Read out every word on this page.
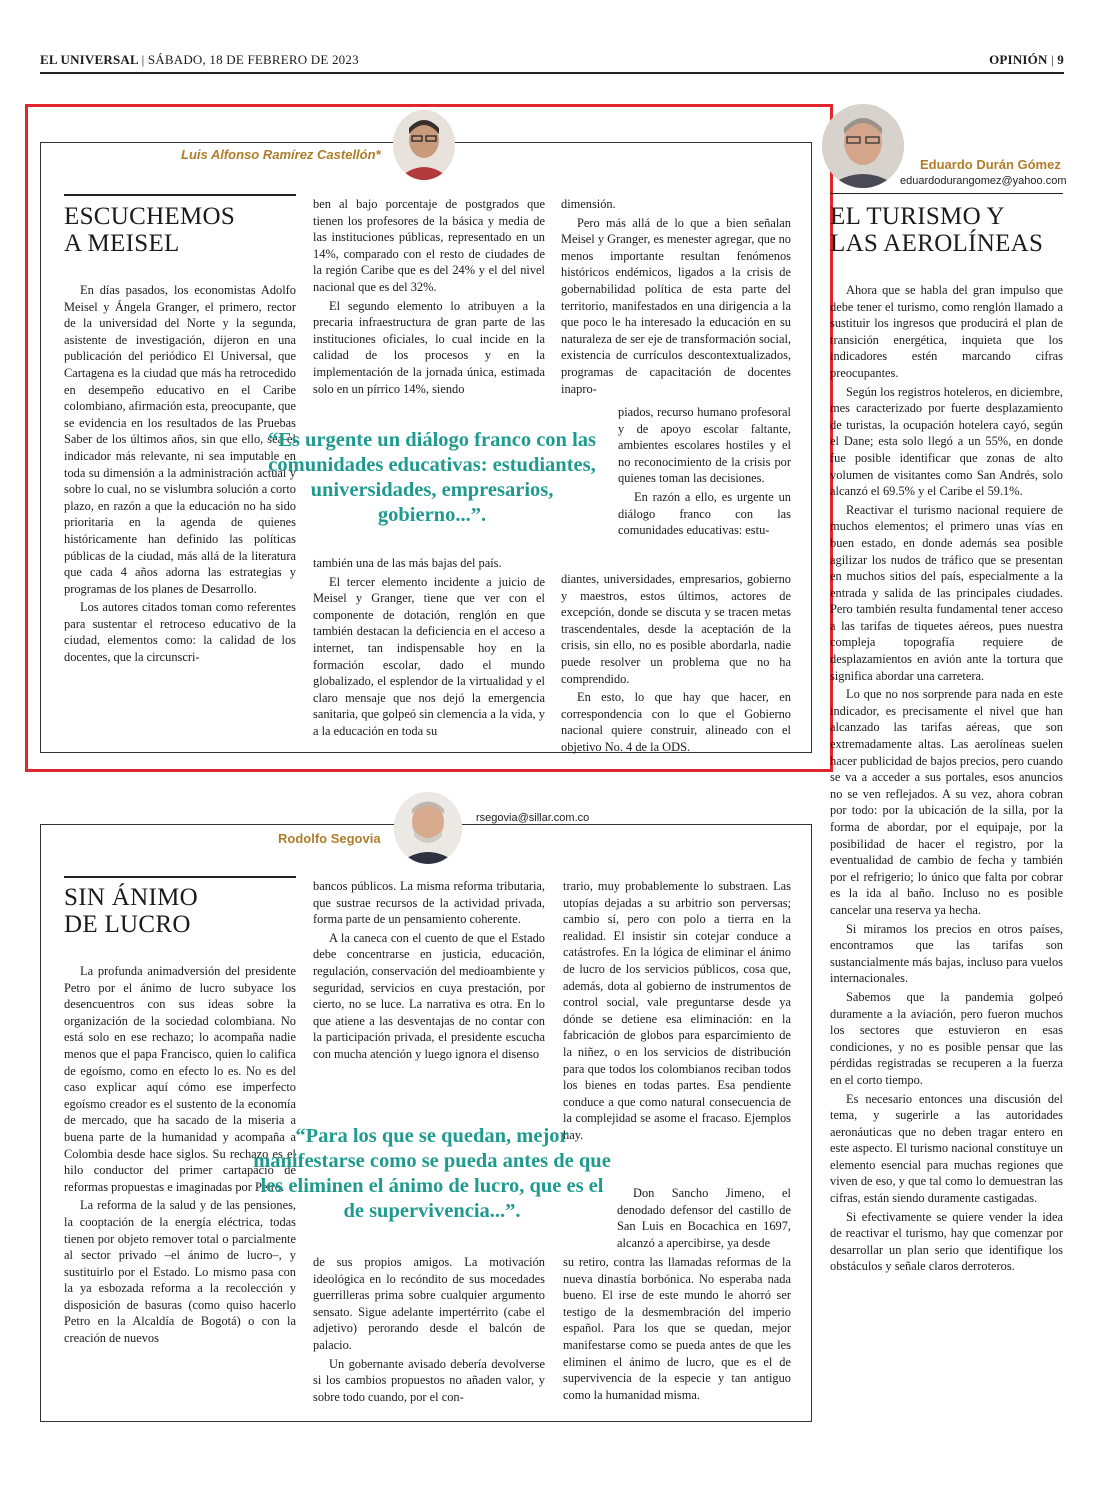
EL UNIVERSAL | SÁBADO, 18 DE FEBRERO DE 2023	OPINIÓN | 9
Luis Alfonso Ramírez Castellón*
ESCUCHEMOS
A MEISEL

En días pasados, los economistas Adolfo Meisel y Ángela Granger, el primero, rector de la universidad del Norte y la segunda, asistente de investigación, dijeron en una publicación del periódico El Universal, que Cartagena es la ciudad que más ha retrocedido en desempeño educativo en el Caribe colombiano, afirmación esta, preocupante, que se evidencia en los resultados de las Pruebas Saber de los últimos años, sin que ello, sea el indicador más relevante, ni sea imputable en toda su dimensión a la administración actual y sobre lo cual, no se vislumbra solución a corto plazo, en razón a que la educación no ha sido prioritaria en la agenda de quienes históricamente han definido las políticas públicas de la ciudad, más allá de la literatura que cada 4 años adorna las estrategias y programas de los planes de Desarrollo.

Los autores citados toman como referentes para sustentar el retroceso educativo de la ciudad, elementos como: la calidad de los docentes, que la circunscri-

ben al bajo porcentaje de postgrados que tienen los profesores de la básica y media de las instituciones públicas, representado en un 14%, comparado con el resto de ciudades de la región Caribe que es del 24% y el del nivel nacional que es del 32%.

El segundo elemento lo atribuyen a la precaria infraestructura de gran parte de las instituciones oficiales, lo cual incide en la calidad de los procesos y en la implementación de la jornada única, estimada solo en un pírrico 14%, siendo

también una de las más bajas del país.

El tercer elemento incidente a juicio de Meisel y Granger, tiene que ver con el componente de dotación, renglón en que también destacan la deficiencia en el acceso a internet, tan indispensable hoy en la formación escolar, dado el mundo globalizado, el esplendor de la virtualidad y el claro mensaje que nos dejó la emergencia sanitaria, que golpeó sin clemencia a la vida, y a la educación en toda su

dimensión.

Pero más allá de lo que a bien señalan Meisel y Granger, es menester agregar, que no menos importante resultan fenómenos históricos endémicos, ligados a la crisis de gobernabilidad política de esta parte del territorio, manifestados en una dirigencia a la que poco le ha interesado la educación en su naturaleza de ser eje de transformación social, existencia de currículos descontextualizados, programas de capacitación de docentes inapro-

piados, recurso humano profesoral y de apoyo escolar faltante, ambientes escolares hostiles y el no reconocimiento de la crisis por quienes toman las decisiones.

En razón a ello, es urgente un diálogo franco con las comunidades educativas: estu-

diantes, universidades, empresarios, gobierno y maestros, estos últimos, actores de excepción, donde se discuta y se tracen metas trascendentales, desde la aceptación de la crisis, sin ello, no es posible abordarla, nadie puede resolver un problema que no ha comprendido.

En esto, lo que hay que hacer, en correspondencia con lo que el Gobierno nacional quiere construir, alineado con el objetivo No. 4 de la ODS.

“Es urgente un diálogo franco con las comunidades educativas: estudiantes, universidades, empresarios, gobierno...”.
Eduardo Durán Gómez
eduardodurangomez@yahoo.com
EL TURISMO Y
LAS AEROLÍNEAS

Ahora que se habla del gran impulso que debe tener el turismo, como renglón llamado a sustituir los ingresos que producirá el plan de transición energética, inquieta que los indicadores estén marcando cifras preocupantes.

Según los registros hoteleros, en diciembre, mes caracterizado por fuerte desplazamiento de turistas, la ocupación hotelera cayó, según el Dane; esta solo llegó a un 55%, en donde fue posible identificar que zonas de alto volumen de visitantes como San Andrés, solo alcanzó el 69.5% y el Caribe el 59.1%.

Reactivar el turismo nacional requiere de muchos elementos; el primero unas vías en buen estado, en donde además sea posible agilizar los nudos de tráfico que se presentan en muchos sitios del país, especialmente a la entrada y salida de las principales ciudades. Pero también resulta fundamental tener acceso a las tarifas de tiquetes aéreos, pues nuestra compleja topografía requiere de desplazamientos en avión ante la tortura que significa abordar una carretera.

Lo que no nos sorprende para nada en este indicador, es precisamente el nivel que han alcanzado las tarifas aéreas, que son extremadamente altas. Las aerolíneas suelen hacer publicidad de bajos precios, pero cuando se va a acceder a sus portales, esos anuncios no se ven reflejados. A su vez, ahora cobran por todo: por la ubicación de la silla, por la forma de abordar, por el equipaje, por la posibilidad de hacer el registro, por la eventualidad de cambio de fecha y también por el refrigerio; lo único que falta por cobrar es la ida al baño. Incluso no es posible cancelar una reserva ya hecha.

Si miramos los precios en otros países, encontramos que las tarifas son sustancialmente más bajas, incluso para vuelos internacionales.

Sabemos que la pandemia golpeó duramente a la aviación, pero fueron muchos los sectores que estuvieron en esas condiciones, y no es posible pensar que las pérdidas registradas se recuperen a la fuerza en el corto tiempo.

Es necesario entonces una discusión del tema, y sugerirle a las autoridades aeronáuticas que no deben tragar entero en este aspecto. El turismo nacional constituye un elemento esencial para muchas regiones que viven de eso, y que tal como lo demuestran las cifras, están siendo duramente castigadas.

Si efectivamente se quiere vender la idea de reactivar el turismo, hay que comenzar por desarrollar un plan serio que identifique los obstáculos y señale claros derroteros.

Rodolfo Segovia
rsegovia@sillar.com.co
SIN ÁNIMO
DE LUCRO

La profunda animadversión del presidente Petro por el ánimo de lucro subyace los desencuentros con sus ideas sobre la organización de la sociedad colombiana. No está solo en ese rechazo; lo acompaña nadie menos que el papa Francisco, quien lo califica de egoísmo, como en efecto lo es. No es del caso explicar aquí cómo ese imperfecto egoísmo creador es el sustento de la economía de mercado, que ha sacado de la miseria a buena parte de la humanidad y acompaña a Colombia desde hace siglos. Su rechazo es el hilo conductor del primer cartapacio de reformas propuestas e imaginadas por Petro.

La reforma de la salud y de las pensiones, la cooptación de la energía eléctrica, todas tienen por objeto remover total o parcialmente al sector privado –el ánimo de lucro–, y sustituirlo por el Estado. Lo mismo pasa con la ya esbozada reforma a la recolección y disposición de basuras (como quiso hacerlo Petro en la Alcaldía de Bogotá) o con la creación de nuevos

bancos públicos. La misma reforma tributaria, que sustrae recursos de la actividad privada, forma parte de un pensamiento coherente.

A la caneca con el cuento de que el Estado debe concentrarse en justicia, educación, regulación, conservación del medioambiente y seguridad, servicios en cuya prestación, por cierto, no se luce. La narrativa es otra. En lo que atiene a las desventajas de no contar con la participación privada, el presidente escucha con mucha atención y luego ignora el disenso

de sus propios amigos. La motivación ideológica en lo recóndito de sus mocedades guerrilleras prima sobre cualquier argumento sensato. Sigue adelante impertérrito (cabe el adjetivo) perorando desde el balcón de palacio.

Un gobernante avisado debería devolverse si los cambios propuestos no añaden valor, y sobre todo cuando, por el con-

trario, muy probablemente lo substraen. Las utopías dejadas a su arbitrio son perversas; cambio sí, pero con polo a tierra en la realidad. El insistir sin cotejar conduce a catástrofes. En la lógica de eliminar el ánimo de lucro de los servicios públicos, cosa que, además, dota al gobierno de instrumentos de control social, vale preguntarse desde ya dónde se detiene esa eliminación: en la fabricación de globos para esparcimiento de la niñez, o en los servicios de distribución para que todos los colombianos reciban todos los bienes en todas partes. Esa pendiente conduce a que como natural consecuencia de la complejidad se asome el fracaso. Ejemplos hay.

Don Sancho Jimeno, el denodado defensor del castillo de San Luis en Bocachica en 1697, alcanzó a apercibirse, ya desde

su retiro, contra las llamadas reformas de la nueva dinastía borbónica. No esperaba nada bueno. El irse de este mundo le ahorró ser testigo de la desmembración del imperio español. Para los que se quedan, mejor manifestarse como se pueda antes de que les eliminen el ánimo de lucro, que es el de supervivencia de la especie y tan antiguo como la humanidad misma.

“Para los que se quedan, mejor manifestarse como se pueda antes de que les eliminen el ánimo de lucro, que es el de supervivencia...”.
